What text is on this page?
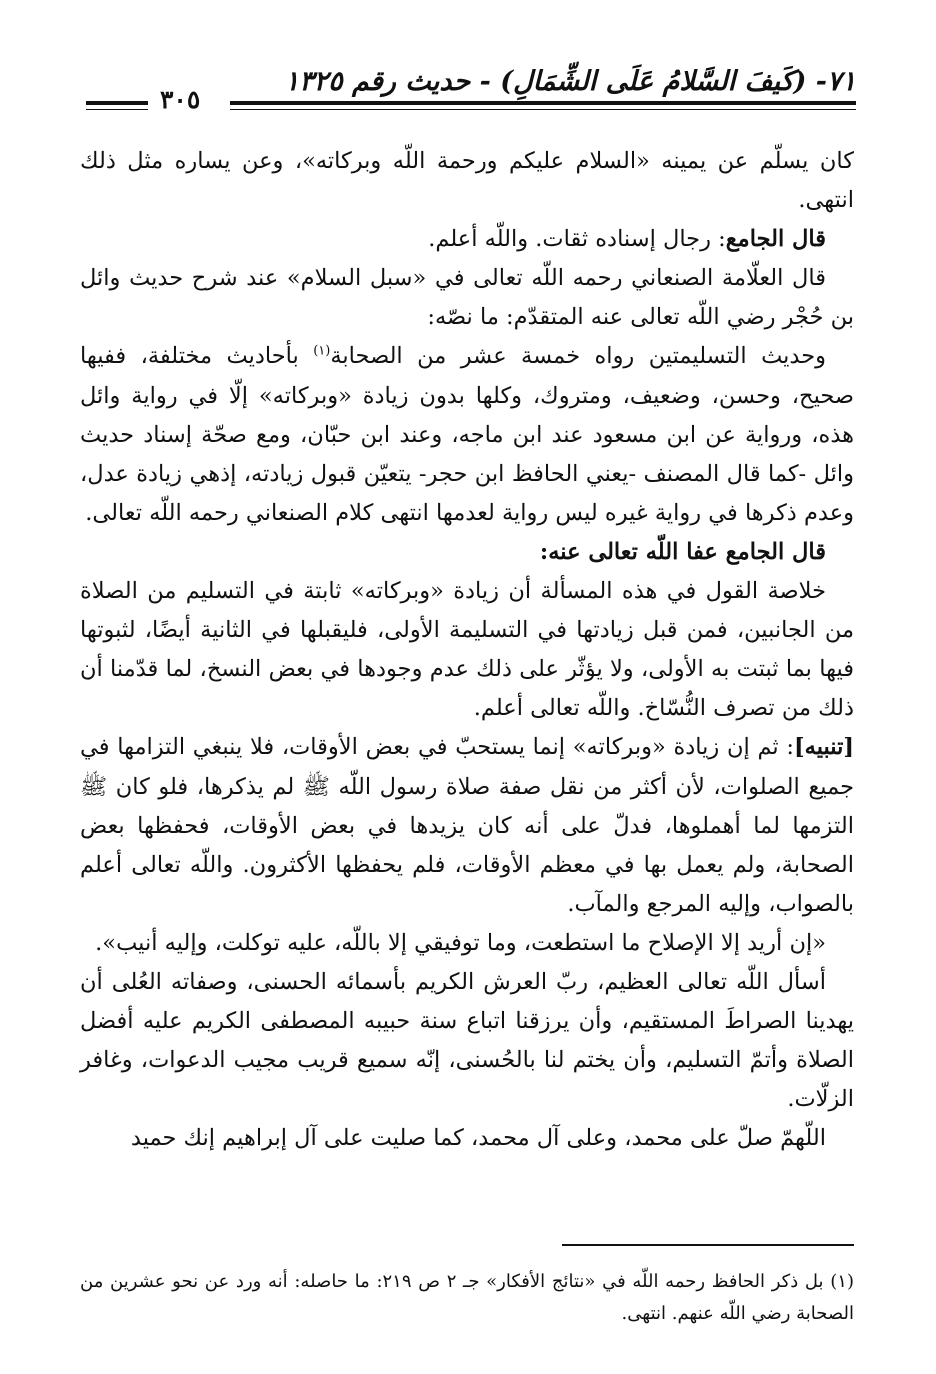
٧١- (كَيفَ السَّلامُ عَلَى الشِّمَالِ) - حديث رقم ١٣٢٥
٣٠٥

كان يسلّم عن يمينه «السلام عليكم ورحمة اللّه وبركاته»، وعن يساره مثل ذلك انتهى.

قال الجامع: رجال إسناده ثقات. واللّه أعلم.

قال العلّامة الصنعاني رحمه اللّه تعالى في «سبل السلام» عند شرح حديث وائل بن حُجْر رضي اللّه تعالى عنه المتقدّم: ما نصّه:

وحديث التسليمتين رواه خمسة عشر من الصحابة$^{(١)}$ بأحاديث مختلفة، ففيها صحيح، وحسن، وضعيف، ومتروك، وكلها بدون زيادة «وبركاته» إلّا في رواية وائل هذه، ورواية عن ابن مسعود عند ابن ماجه، وعند ابن حبّان، ومع صحّة إسناد حديث وائل -كما قال المصنف -يعني الحافظ ابن حجر- يتعيّن قبول زيادته، إذهي زيادة عدل، وعدم ذكرها في رواية غيره ليس رواية لعدمها انتهى كلام الصنعاني رحمه اللّه تعالى.

قال الجامع عفا اللّه تعالى عنه:

خلاصة القول في هذه المسألة أن زيادة «وبركاته» ثابتة في التسليم من الصلاة من الجانبين، فمن قبل زيادتها في التسليمة الأولى، فليقبلها في الثانية أيضًا، لثبوتها فيها بما ثبتت به الأولى، ولا يؤثّر على ذلك عدم وجودها في بعض النسخ، لما قدّمنا أن ذلك من تصرف النُّسّاخ. واللّه تعالى أعلم.

[تنبيه]: ثم إن زيادة «وبركاته» إنما يستحبّ في بعض الأوقات، فلا ينبغي التزامها في جميع الصلوات، لأن أكثر من نقل صفة صلاة رسول اللّه ﷺ لم يذكرها، فلو كان ﷺ التزمها لما أهملوها، فدلّ على أنه كان يزيدها في بعض الأوقات، فحفظها بعض الصحابة، ولم يعمل بها في معظم الأوقات، فلم يحفظها الأكثرون. واللّه تعالى أعلم بالصواب، وإليه المرجع والمآب.

«إن أريد إلا الإصلاح ما استطعت، وما توفيقي إلا باللّه، عليه توكلت، وإليه أنيب».

أسأل اللّه تعالى العظيم، ربّ العرش الكريم بأسمائه الحسنى، وصفاته العُلى أن يهدينا الصراطَ المستقيم، وأن يرزقنا اتباع سنة حبيبه المصطفى الكريم عليه أفضل الصلاة وأتمّ التسليم، وأن يختم لنا بالحُسنى، إنّه سميع قريب مجيب الدعوات، وغافر الزلّات.

اللّهمّ صلّ على محمد، وعلى آل محمد، كما صليت على آل إبراهيم إنك حميد

(١) بل ذكر الحافظ رحمه اللّه في «نتائج الأفكار» جـ ٢ ص ٢١٩: ما حاصله: أنه ورد عن نحو عشرين من الصحابة رضي اللّه عنهم. انتهى.
